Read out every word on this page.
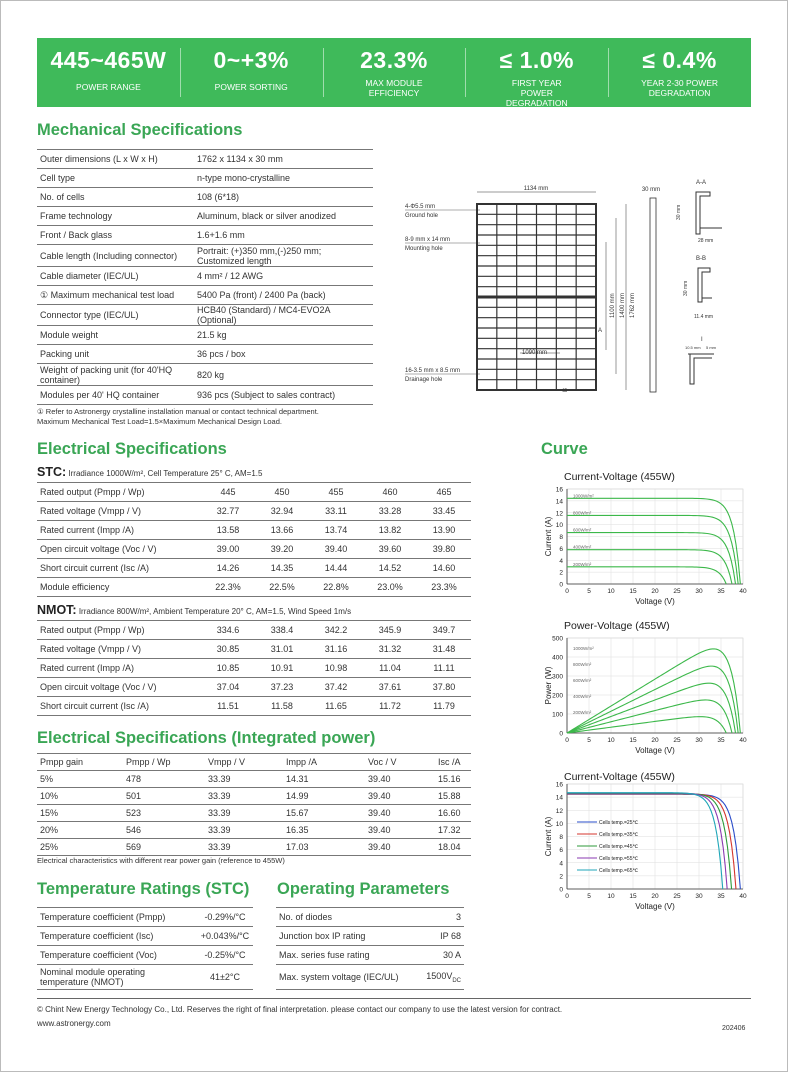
445~465W
POWER RANGE
0~+3%
POWER SORTING
23.3%
MAX MODULE EFFICIENCY
≤ 1.0%
FIRST YEAR POWER DEGRADATION
≤ 0.4%
YEAR 2-30 POWER DEGRADATION
Mechanical Specifications
Outer dimensions (L x W x H)	1762 x 1134 x 30 mm
Cell type	n-type mono-crystalline
No. of cells	108 (6*18)
Frame technology	Aluminum, black or silver anodized
Front / Back glass	1.6+1.6 mm
Cable length (Including connector)	Portrait: (+)350 mm,(-)250 mm; Customized length
Cable diameter (IEC/UL)	4 mm² / 12 AWG
① Maximum mechanical test load	5400 Pa (front) / 2400 Pa (back)
Connector type (IEC/UL)	HCB40 (Standard) / MC4-EVO2A (Optional)
Module weight	21.5 kg
Packing unit	36 pcs / box
Weight of packing unit (for 40'HQ container)	820 kg
Modules per 40' HQ container	936 pcs (Subject to sales contract)
① Refer to Astronergy crystalline installation manual or contact technical department.
Maximum Mechanical Test Load=1.5×Maximum Mechanical Design Load.
1134 mm	30 mm
4-Φ5.5 mm
Ground hole
8-9 mm x 14 mm
Mounting hole
16-3.5 mm x 8.5 mm
Drainage hole
1100 mm 1400 mm 1762 mm
1090 mm
A
B
A-A
30 mm
28 mm
B-B
30 mm
11.4 mm
I
10.5 mm 5 mm
Electrical Specifications
STC: Irradiance 1000W/m², Cell Temperature 25° C, AM=1.5
Rated output (Pmpp / Wp)	445	450	455	460	465
Rated voltage (Vmpp / V)	32.77	32.94	33.11	33.28	33.45
Rated current (Impp /A)	13.58	13.66	13.74	13.82	13.90
Open circuit voltage (Voc / V)	39.00	39.20	39.40	39.60	39.80
Short circuit current (Isc /A)	14.26	14.35	14.44	14.52	14.60
Module efficiency	22.3%	22.5%	22.8%	23.0%	23.3%
NMOT: Irradiance 800W/m², Ambient Temperature 20° C, AM=1.5, Wind Speed 1m/s
Rated output (Pmpp / Wp)	334.6	338.4	342.2	345.9	349.7
Rated voltage (Vmpp / V)	30.85	31.01	31.16	31.32	31.48
Rated current (Impp /A)	10.85	10.91	10.98	11.04	11.11
Open circuit voltage (Voc / V)	37.04	37.23	37.42	37.61	37.80
Short circuit current (Isc /A)	11.51	11.58	11.65	11.72	11.79
Electrical Specifications (Integrated power)
Pmpp gain	Pmpp / Wp	Vmpp / V	Impp /A	Voc / V	Isc /A
5%	478	33.39	14.31	39.40	15.16
10%	501	33.39	14.99	39.40	15.88
15%	523	33.39	15.67	39.40	16.60
20%	546	33.39	16.35	39.40	17.32
25%	569	33.39	17.03	39.40	18.04
Electrical characteristics with different rear power gain (reference to 455W)
Temperature Ratings (STC) Operating Parameters
Temperature coefficient (Pmpp)	-0.29%/°C
Temperature coefficient (Isc)	+0.043%/°C
Temperature coefficient (Voc)	-0.25%/°C
Nominal module operating temperature (NMOT)	41±2°C
No. of diodes	3
Junction box IP rating	IP 68
Max. series fuse rating	30 A
Max. system voltage (IEC/UL)	$1500V_{DC}$
Curve
Current-Voltage (455W)
0
2
4
6
8
10
12
14
16
0	5	10 15 20 25 30 35 40
Voltage (V)
Current (A)
1000W/m²
800W/m²
600W/m²
400W/m²
200W/m²
Power-Voltage (455W)
0
100
200
300
400
500
0	5	10 15 20 25 30 35 40
Voltage (V)
Power (W)
1000W/m²
800W/m²
600W/m²
400W/m²
200W/m²
Current-Voltage (455W)
0
2
4
6
8
10
12
14
16
0	5	10 15 20 25 30 35 40
Voltage (V)
Current (A)	Cells temp.=25℃
Cells temp.=35℃
Cells temp.=45℃
Cells temp.=55℃
Cells temp.=65℃
© Chint New Energy Technology Co., Ltd. Reserves the right of final interpretation. please contact our company to use the latest version for contract.
www.astronergy.com
202406
